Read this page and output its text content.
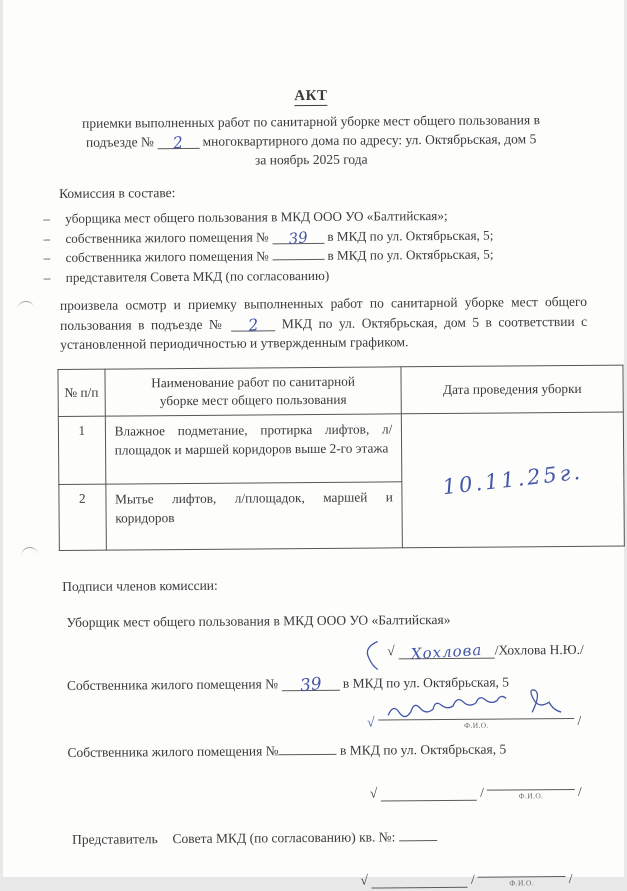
АКТ
приемки выполненных работ по санитарной уборке мест общего пользования в
подъезде № 2 многоквартирного дома по адресу: ул. Октябрьская, дом 5
за ноябрь 2025 года
Комиссия в составе:
–	уборщика мест общего пользования в МКД ООО УО «Балтийская»;
–	собственника жилого помещения № 39 в МКД по ул. Октябрьская, 5;
–	собственника жилого помещения №	в МКД по ул. Октябрьская, 5;
–	представителя Совета МКД (по согласованию)
произвела осмотр и приемку выполненных работ по санитарной уборке мест общего пользования в подъезде № 2 МКД по ул. Октябрьская, дом 5 в соответствии с установленной периодичностью и утвержденным графиком.
№ п/п	Наименование работ по санитарной уборке мест общего пользования	Дата проведения уборки
1	Влажное подметание, протирка лифтов, л/площадок и маршей коридоров выше 2-го этажа	10.11.25г.
2	Мытье лифтов, л/площадок, маршей и коридоров	
Подписи членов комиссии:
Уборщик мест общего пользования в МКД ООО УО «Балтийская»
√	Хохлова /Хохлова Н.Ю./
Собственника жилого помещения № 39 в МКД по ул. Октябрьская, 5
√	Ф.И.О.	/
Собственника жилого помещения №	в МКД по ул. Октябрьская, 5
√	/	Ф.И.О.	/
Представитель Совета МКД (по согласованию) кв. №:
√	/	Ф.И.О.	/
